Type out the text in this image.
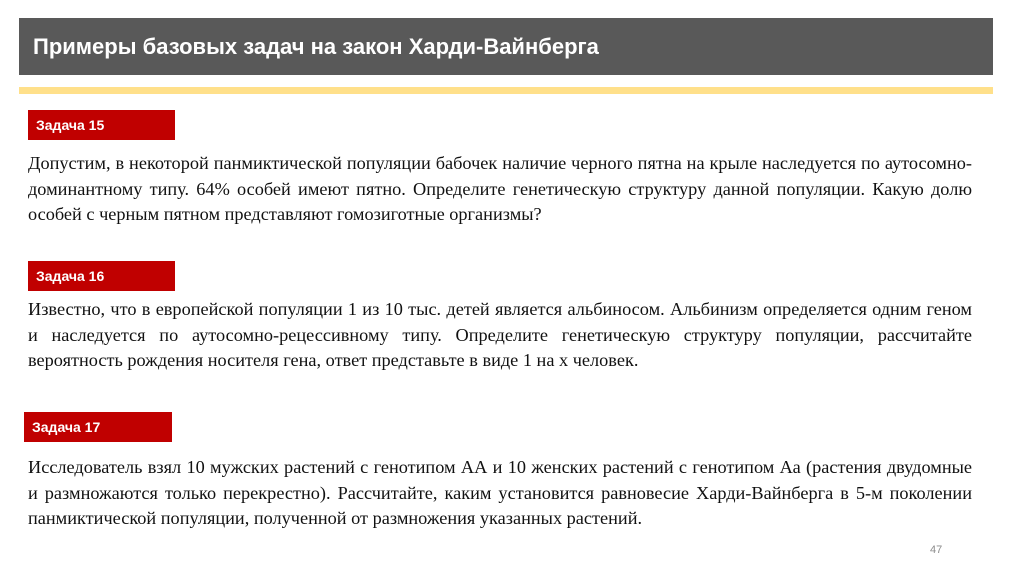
Примеры базовых задач на закон Харди-Вайнберга
Задача 15

Допустим, в некоторой панмиктической популяции бабочек наличие черного пятна на крыле наследуется по аутосомно-доминантному типу. 64% особей имеют пятно. Определите генетическую структуру данной популяции. Какую долю особей с черным пятном представляют гомозиготные организмы?

Задача 16

Известно, что в европейской популяции 1 из 10 тыс. детей является альбиносом. Альбинизм определяется одним геном и наследуется по аутосомно-рецессивному типу. Определите генетическую структуру популяции, рассчитайте вероятность рождения носителя гена, ответ представьте в виде 1 на х человек.

Задача 17

Исследователь взял 10 мужских растений с генотипом АА и 10 женских растений с генотипом Аа (растения двудомные и размножаются только перекрестно). Рассчитайте, каким установится равновесие Харди-Вайнберга в 5-м поколении панмиктической популяции, полученной от размножения указанных растений.

47
